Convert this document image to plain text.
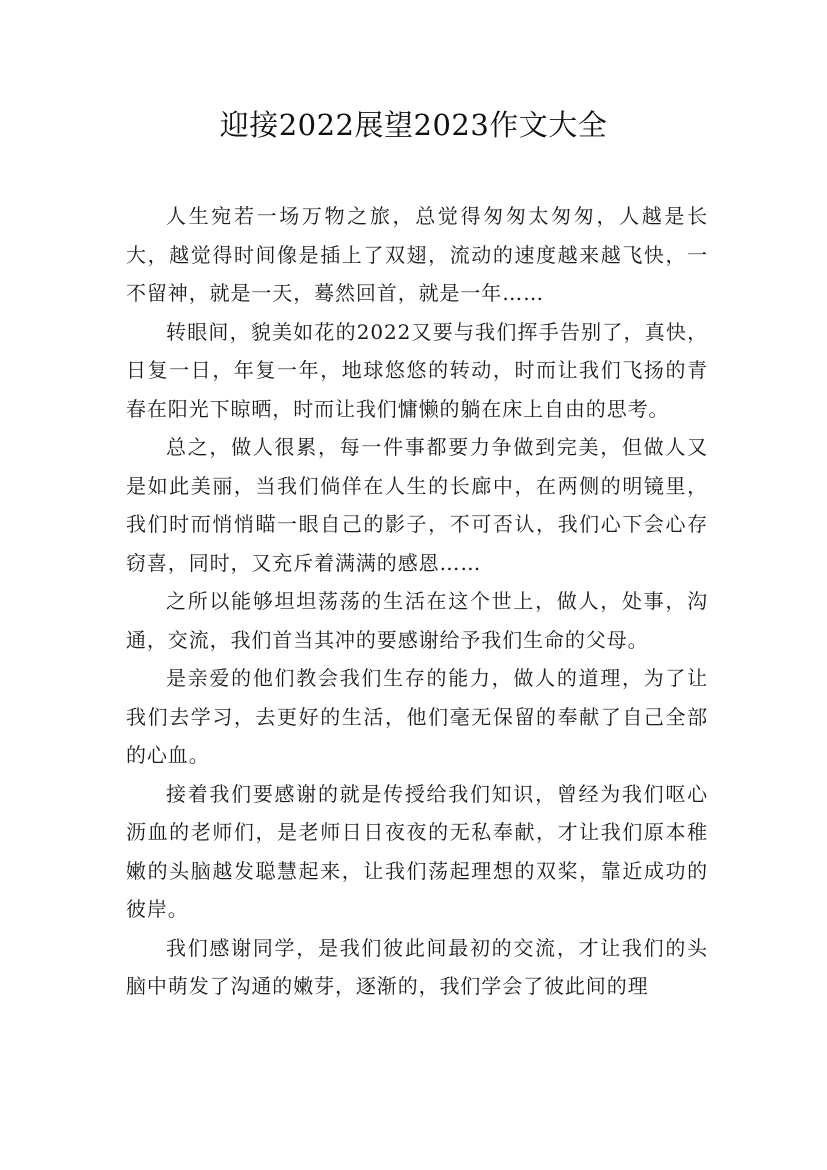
迎接2022展望2023作文大全

人生宛若一场万物之旅，总觉得匆匆太匆匆，人越是长大，越觉得时间像是插上了双翅，流动的速度越来越飞快，一不留神，就是一天，蓦然回首，就是一年……

转眼间，貌美如花的2022又要与我们挥手告别了，真快，日复一日，年复一年，地球悠悠的转动，时而让我们飞扬的青春在阳光下晾晒，时而让我们慵懒的躺在床上自由的思考。

总之，做人很累，每一件事都要力争做到完美，但做人又是如此美丽，当我们倘佯在人生的长廊中，在两侧的明镜里，我们时而悄悄瞄一眼自己的影子，不可否认，我们心下会心存窃喜，同时，又充斥着满满的感恩……

之所以能够坦坦荡荡的生活在这个世上，做人，处事，沟通，交流，我们首当其冲的要感谢给予我们生命的父母。

是亲爱的他们教会我们生存的能力，做人的道理，为了让我们去学习，去更好的生活，他们毫无保留的奉献了自己全部的心血。

接着我们要感谢的就是传授给我们知识，曾经为我们呕心沥血的老师们，是老师日日夜夜的无私奉献，才让我们原本稚嫩的头脑越发聪慧起来，让我们荡起理想的双桨，靠近成功的彼岸。

我们感谢同学，是我们彼此间最初的交流，才让我们的头脑中萌发了沟通的嫩芽，逐渐的，我们学会了彼此间的理
